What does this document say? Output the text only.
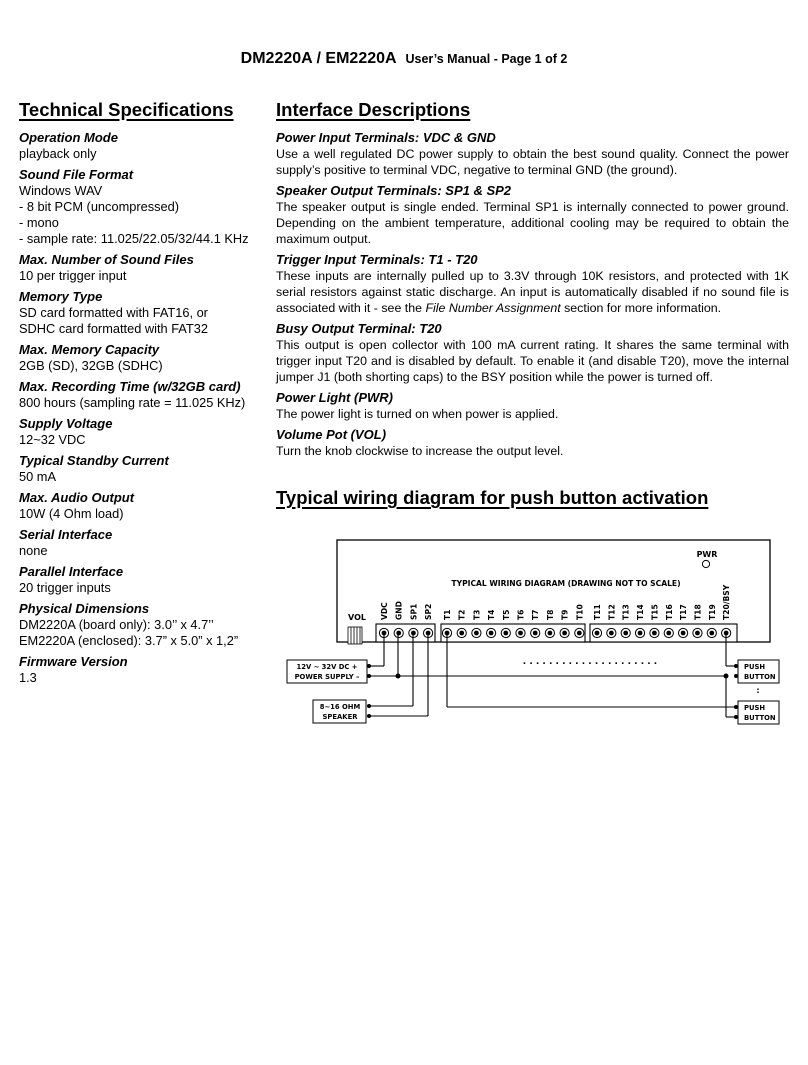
DM2220A / EM2220A User’s Manual - Page 1 of 2
Technical Specifications Interface Descriptions
Operation Mode
playback only
Sound File Format
Windows WAV
- 8 bit PCM (uncompressed)
- mono
- sample rate: 11.025/22.05/32/44.1 KHz
Max. Number of Sound Files
10 per trigger input
Memory Type
SD card formatted with FAT16, or
SDHC card formatted with FAT32
Max. Memory Capacity
2GB (SD), 32GB (SDHC)
Max. Recording Time (w/32GB card)
800 hours (sampling rate = 11.025 KHz)
Supply Voltage
12~32 VDC
Typical Standby Current
50 mA
Max. Audio Output
10W (4 Ohm load)
Serial Interface
none
Parallel Interface
20 trigger inputs
Physical Dimensions
DM2220A (board only): 3.0’’ x 4.7’’
EM2220A (enclosed): 3.7” x 5.0” x 1,2”
Firmware Version
1.3
Power Input Terminals: VDC & GND
Use a well regulated DC power supply to obtain the best sound quality. Connect the power supply’s positive to terminal VDC, negative to terminal GND (the ground).
Speaker Output Terminals: SP1 & SP2
The speaker output is single ended. Terminal SP1 is internally connected to power ground. Depending on the ambient temperature, additional cooling may be required to obtain the maximum output.
Trigger Input Terminals: T1 - T20
These inputs are internally pulled up to 3.3V through 10K resistors, and protected with 1K serial resistors against static discharge. An input is automatically disabled if no sound file is associated with it - see the File Number Assignment section for more information.
Busy Output Terminal: T20
This output is open collector with 100 mA current rating. It shares the same terminal with trigger input T20 and is disabled by default. To enable it (and disable T20), move the internal jumper J1 (both shorting caps) to the BSY position while the power is turned off.
Power Light (PWR)
The power light is turned on when power is applied.
Volume Pot (VOL)
Turn the knob clockwise to increase the output level.
Typical wiring diagram for push button activation
TYPICAL WIRING DIAGRAM (DRAWING NOT TO SCALE)
PWR
VOL VDC GND SP1 SP2 T1 T2 T3 T4 T5 T6 T7 T8 T9 T10 T11 T12 T13 T14 T15 T16 T17 T18 T19 T20/BSY
. . . . . . . . . . . . . . . . . . . . .
12V ~ 32V DC +
POWER SUPPLY –
8~16 OHM
SPEAKER
PUSH
BUTTON
:
PUSH
BUTTON
